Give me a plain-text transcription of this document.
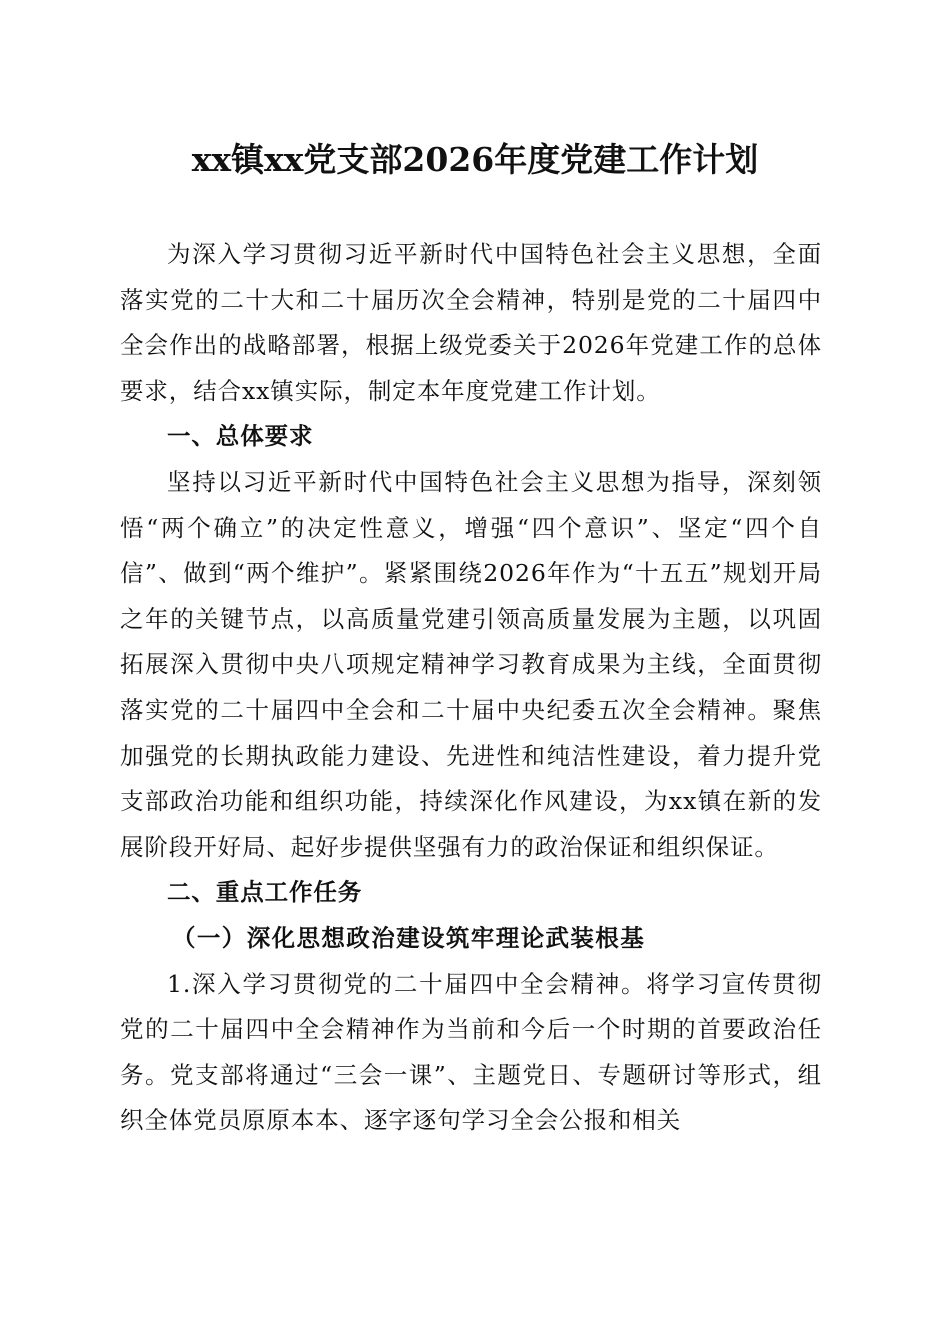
xx镇xx党支部2026年度党建工作计划

为深入学习贯彻习近平新时代中国特色社会主义思想，全面落实党的二十大和二十届历次全会精神，特别是党的二十届四中全会作出的战略部署，根据上级党委关于2026年党建工作的总体要求，结合xx镇实际，制定本年度党建工作计划。

一、总体要求

坚持以习近平新时代中国特色社会主义思想为指导，深刻领悟“两个确立”的决定性意义，增强“四个意识”、坚定“四个自信”、做到“两个维护”。紧紧围绕2026年作为“十五五”规划开局之年的关键节点，以高质量党建引领高质量发展为主题，以巩固拓展深入贯彻中央八项规定精神学习教育成果为主线，全面贯彻落实党的二十届四中全会和二十届中央纪委五次全会精神。聚焦加强党的长期执政能力建设、先进性和纯洁性建设，着力提升党支部政治功能和组织功能，持续深化作风建设，为xx镇在新的发展阶段开好局、起好步提供坚强有力的政治保证和组织保证。

二、重点工作任务

（一）深化思想政治建设筑牢理论武装根基

1.深入学习贯彻党的二十届四中全会精神。将学习宣传贯彻党的二十届四中全会精神作为当前和今后一个时期的首要政治任务。党支部将通过“三会一课”、主题党日、专题研讨等形式，组织全体党员原原本本、逐字逐句学习全会公报和相关
